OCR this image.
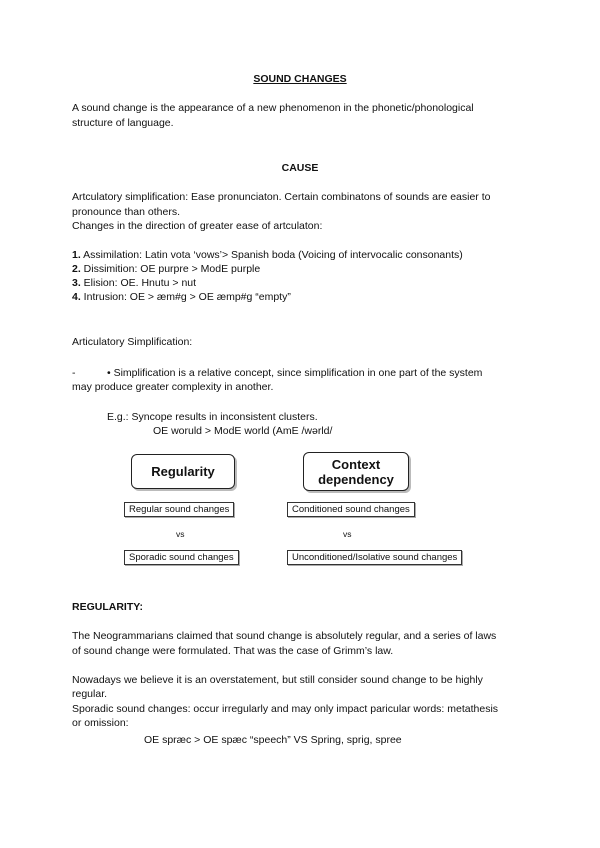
SOUND CHANGES
A sound change is the appearance of a new phenomenon in the phonetic/phonological
structure of language.
CAUSE
Artculatory simplification: Ease pronunciaton. Certain combinatons of sounds are easier to
pronounce than others.
Changes in the direction of greater ease of artculaton:
1. Assimilation: Latin vota ‘vows’> Spanish boda (Voicing of intervocalic consonants)
2. Dissimition: OE purpre > ModE purple
3. Elision: OE. Hnutu > nut
4. Intrusion: OE > æm#g > OE æmp#g “empty”
Articulatory Simplification:
-	• Simplification is a relative concept, since simplification in one part of the system
may produce greater complexity in another.
E.g.: Syncope results in inconsistent clusters.
OE woruld > ModE world (AmE /wərld/
Regularity	Context
dependency
Regular sound changes
vs
Sporadic sound changes
Conditioned sound changes
vs
Unconditioned/Isolative sound changes
REGULARITY:
The Neogrammarians claimed that sound change is absolutely regular, and a series of laws
of sound change were formulated. That was the case of Grimm’s law.
Nowadays we believe it is an overstatement, but still consider sound change to be highly
regular.
Sporadic sound changes: occur irregularly and may only impact paricular words: metathesis
or omission:
OE spræc > OE spæc “speech” VS Spring, sprig, spree
